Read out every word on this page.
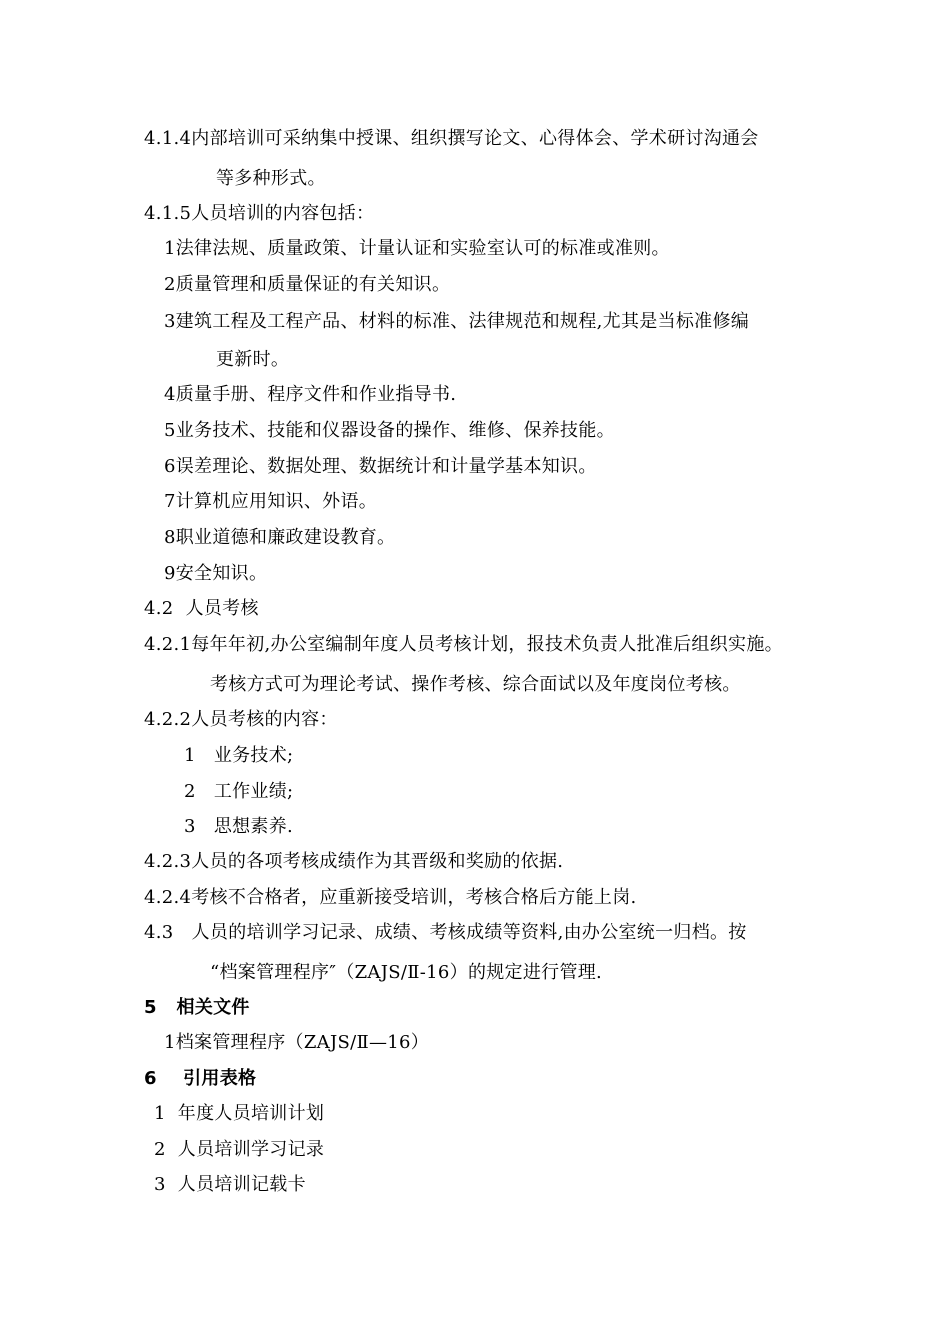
4.1.4内部培训可采纳集中授课、组织撰写论文、心得体会、学术研讨沟通会
等多种形式。
4.1.5人员培训的内容包括：
1法律法规、质量政策、计量认证和实验室认可的标准或准则。
2质量管理和质量保证的有关知识。
3建筑工程及工程产品、材料的标准、法律规范和规程,尤其是当标准修编
更新时。
4质量手册、程序文件和作业指导书.
5业务技术、技能和仪器设备的操作、维修、保养技能。
6误差理论、数据处理、数据统计和计量学基本知识。
7计算机应用知识、外语。
8职业道德和廉政建设教育。
9安全知识。
4.2  人员考核
4.2.1每年年初,办公室编制年度人员考核计划，报技术负责人批准后组织实施。
考核方式可为理论考试、操作考核、综合面试以及年度岗位考核。
4.2.2人员考核的内容：
1   业务技术;
2   工作业绩;
3   思想素养.
4.2.3人员的各项考核成绩作为其晋级和奖励的依据.
4.2.4考核不合格者，应重新接受培训，考核合格后方能上岗.
4.3   人员的培训学习记录、成绩、考核成绩等资料,由办公室统一归档。按
“档案管理程序″（ZAJS/Ⅱ-16）的规定进行管理.
5   相关文件
1档案管理程序（ZAJS/Ⅱ—16）
6    引用表格
1  年度人员培训计划
2  人员培训学习记录
3  人员培训记载卡
